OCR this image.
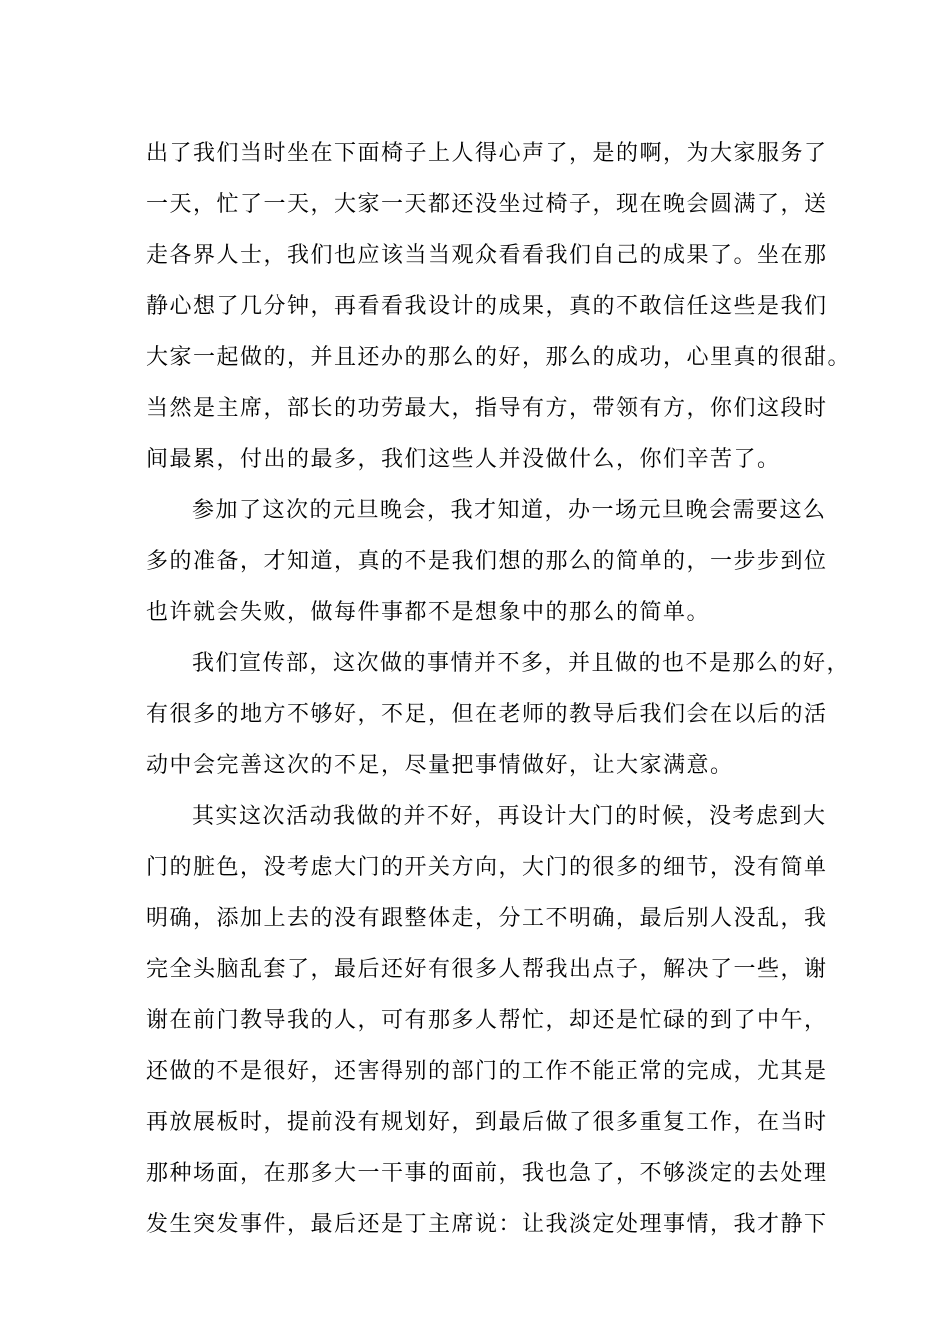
出了我们当时坐在下面椅子上人得心声了，是的啊，为大家服务了
一天，忙了一天，大家一天都还没坐过椅子，现在晚会圆满了，送
走各界人士，我们也应该当当观众看看我们自己的成果了。坐在那
静心想了几分钟，再看看我设计的成果，真的不敢信任这些是我们
大家一起做的，并且还办的那么的好，那么的成功，心里真的很甜。
当然是主席，部长的功劳最大，指导有方，带领有方，你们这段时
间最累，付出的最多，我们这些人并没做什么，你们辛苦了。
参加了这次的元旦晚会，我才知道，办一场元旦晚会需要这么
多的准备，才知道，真的不是我们想的那么的简单的，一步步到位
也许就会失败，做每件事都不是想象中的那么的简单。
我们宣传部，这次做的事情并不多，并且做的也不是那么的好，
有很多的地方不够好，不足，但在老师的教导后我们会在以后的活
动中会完善这次的不足，尽量把事情做好，让大家满意。
其实这次活动我做的并不好，再设计大门的时候，没考虑到大
门的脏色，没考虑大门的开关方向，大门的很多的细节，没有简单
明确，添加上去的没有跟整体走，分工不明确，最后别人没乱，我
完全头脑乱套了，最后还好有很多人帮我出点子，解决了一些，谢
谢在前门教导我的人，可有那多人帮忙，却还是忙碌的到了中午，
还做的不是很好，还害得别的部门的工作不能正常的完成，尤其是
再放展板时，提前没有规划好，到最后做了很多重复工作，在当时
那种场面，在那多大一干事的面前，我也急了，不够淡定的去处理
发生突发事件，最后还是丁主席说：让我淡定处理事情，我才静下
